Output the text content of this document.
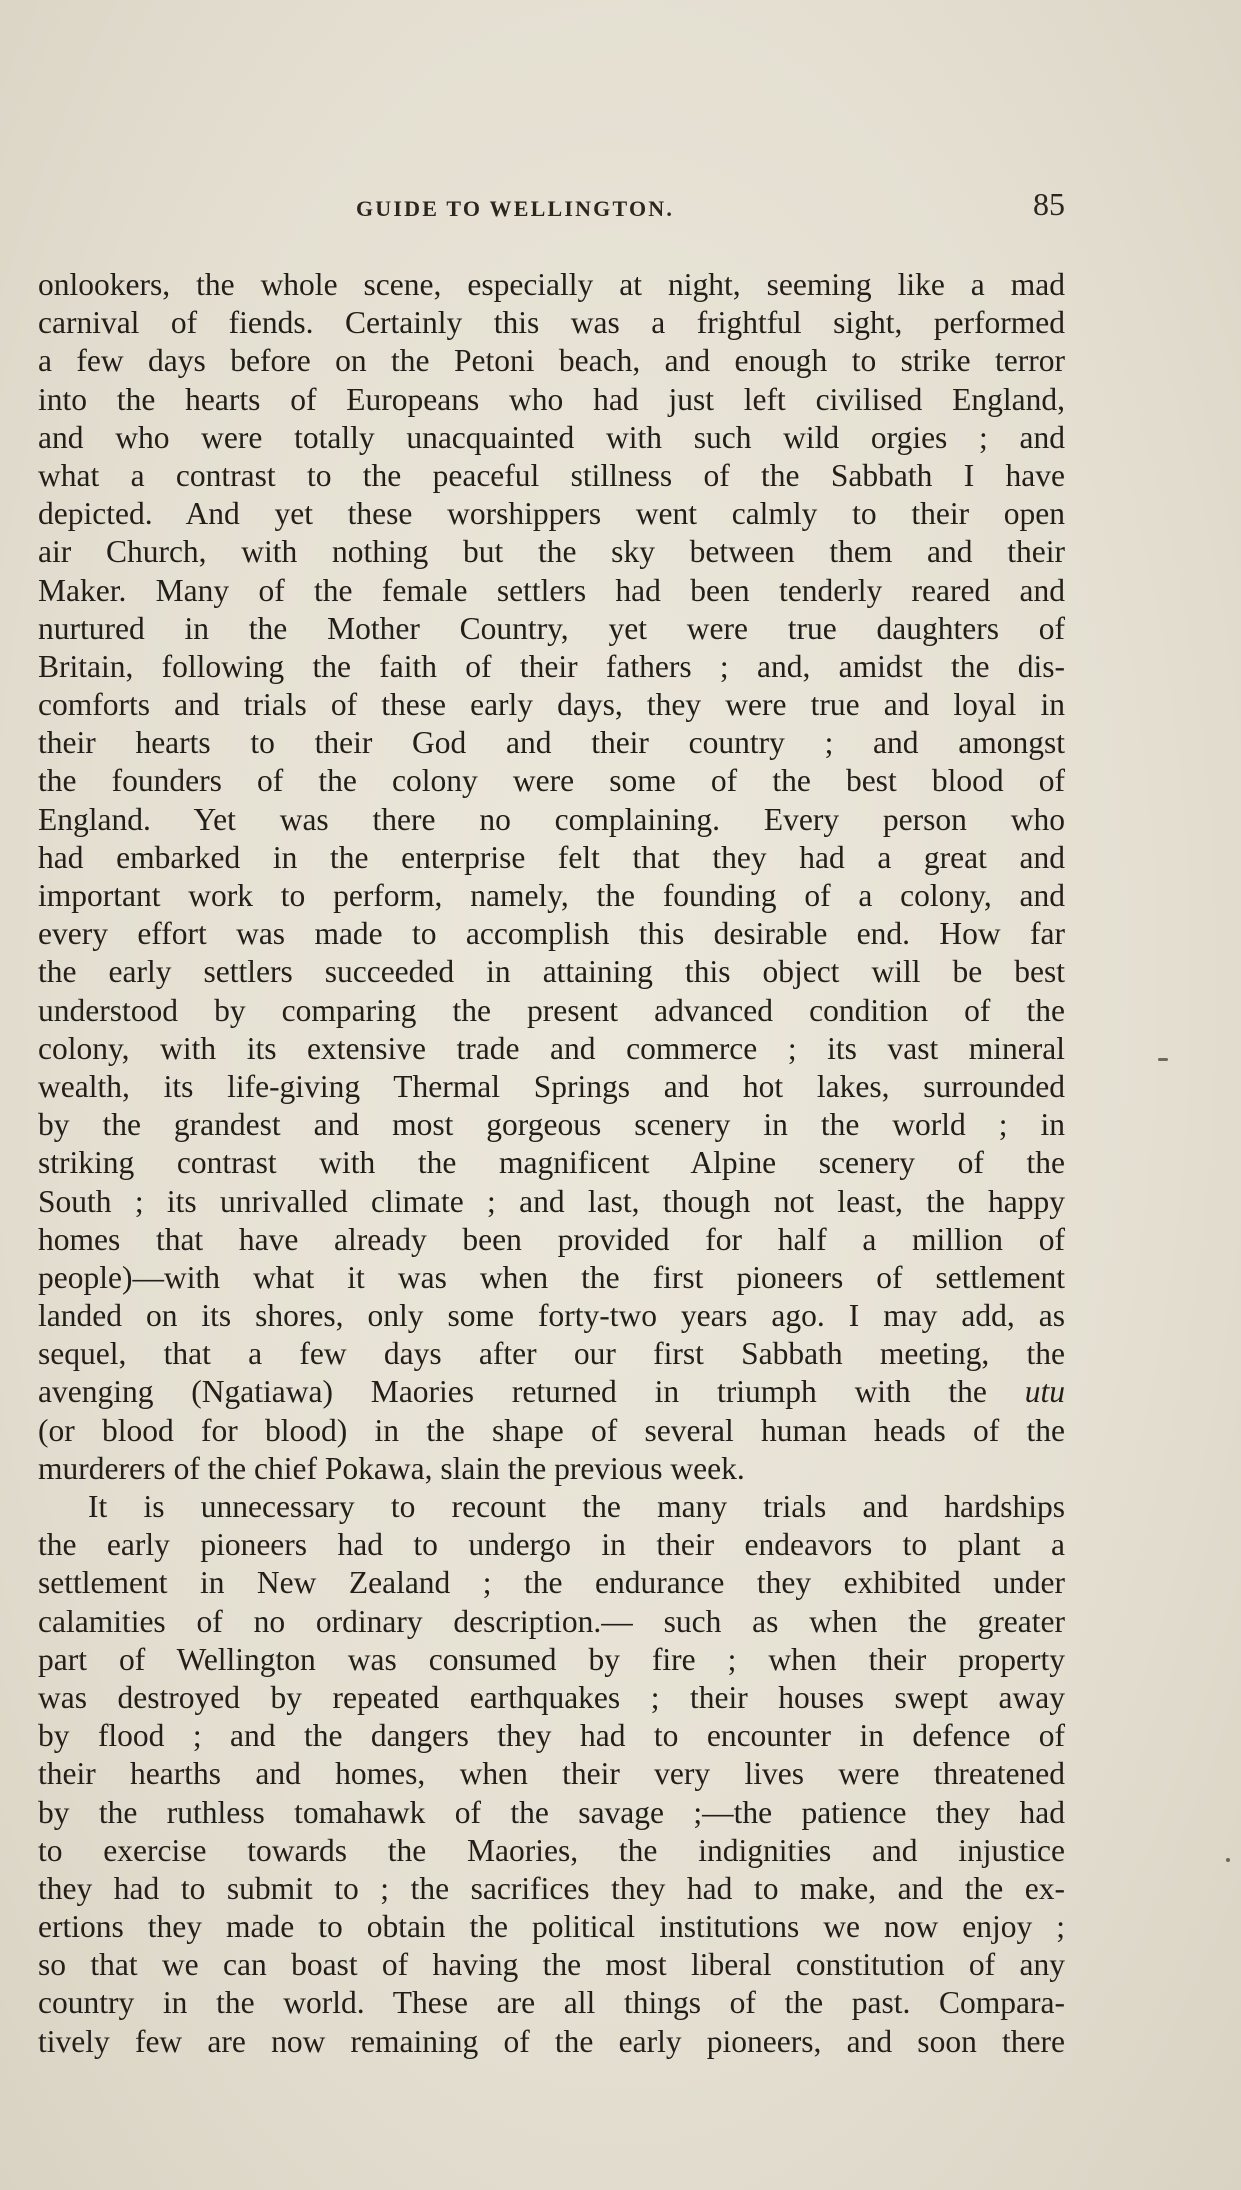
GUIDE TO WELLINGTON.	85
onlookers, the whole scene, especially at night, seeming like a mad
carnival of fiends. Certainly this was a frightful sight, performed
a few days before on the Petoni beach, and enough to strike terror
into the hearts of Europeans who had just left civilised England,
and who were totally unacquainted with such wild orgies ; and
what a contrast to the peaceful stillness of the Sabbath I have
depicted. And yet these worshippers went calmly to their open
air Church, with nothing but the sky between them and their
Maker. Many of the female settlers had been tenderly reared and
nurtured in the Mother Country, yet were true daughters of
Britain, following the faith of their fathers ; and, amidst the dis-
comforts and trials of these early days, they were true and loyal in
their hearts to their God and their country ; and amongst
the founders of the colony were some of the best blood of
England. Yet was there no complaining. Every person who
had embarked in the enterprise felt that they had a great and
important work to perform, namely, the founding of a colony, and
every effort was made to accomplish this desirable end. How far
the early settlers succeeded in attaining this object will be best
understood by comparing the present advanced condition of the
colony, with its extensive trade and commerce ; its vast mineral
wealth, its life-giving Thermal Springs and hot lakes, surrounded
by the grandest and most gorgeous scenery in the world ; in
striking contrast with the magnificent Alpine scenery of the
South ; its unrivalled climate ; and last, though not least, the happy
homes that have already been provided for half a million of
people)—with what it was when the first pioneers of settlement
landed on its shores, only some forty-two years ago. I may add, as
sequel, that a few days after our first Sabbath meeting, the
avenging (Ngatiawa) Maories returned in triumph with the utu
(or blood for blood) in the shape of several human heads of the
murderers of the chief Pokawa, slain the previous week.
It is unnecessary to recount the many trials and hardships
the early pioneers had to undergo in their endeavors to plant a
settlement in New Zealand ; the endurance they exhibited under
calamities of no ordinary description.— such as when the greater
part of Wellington was consumed by fire ; when their property
was destroyed by repeated earthquakes ; their houses swept away
by flood ; and the dangers they had to encounter in defence of
their hearths and homes, when their very lives were threatened
by the ruthless tomahawk of the savage ;—the patience they had
to exercise towards the Maories, the indignities and injustice
they had to submit to ; the sacrifices they had to make, and the ex-
ertions they made to obtain the political institutions we now enjoy ;
so that we can boast of having the most liberal constitution of any
country in the world. These are all things of the past. Compara-
tively few are now remaining of the early pioneers, and soon there
